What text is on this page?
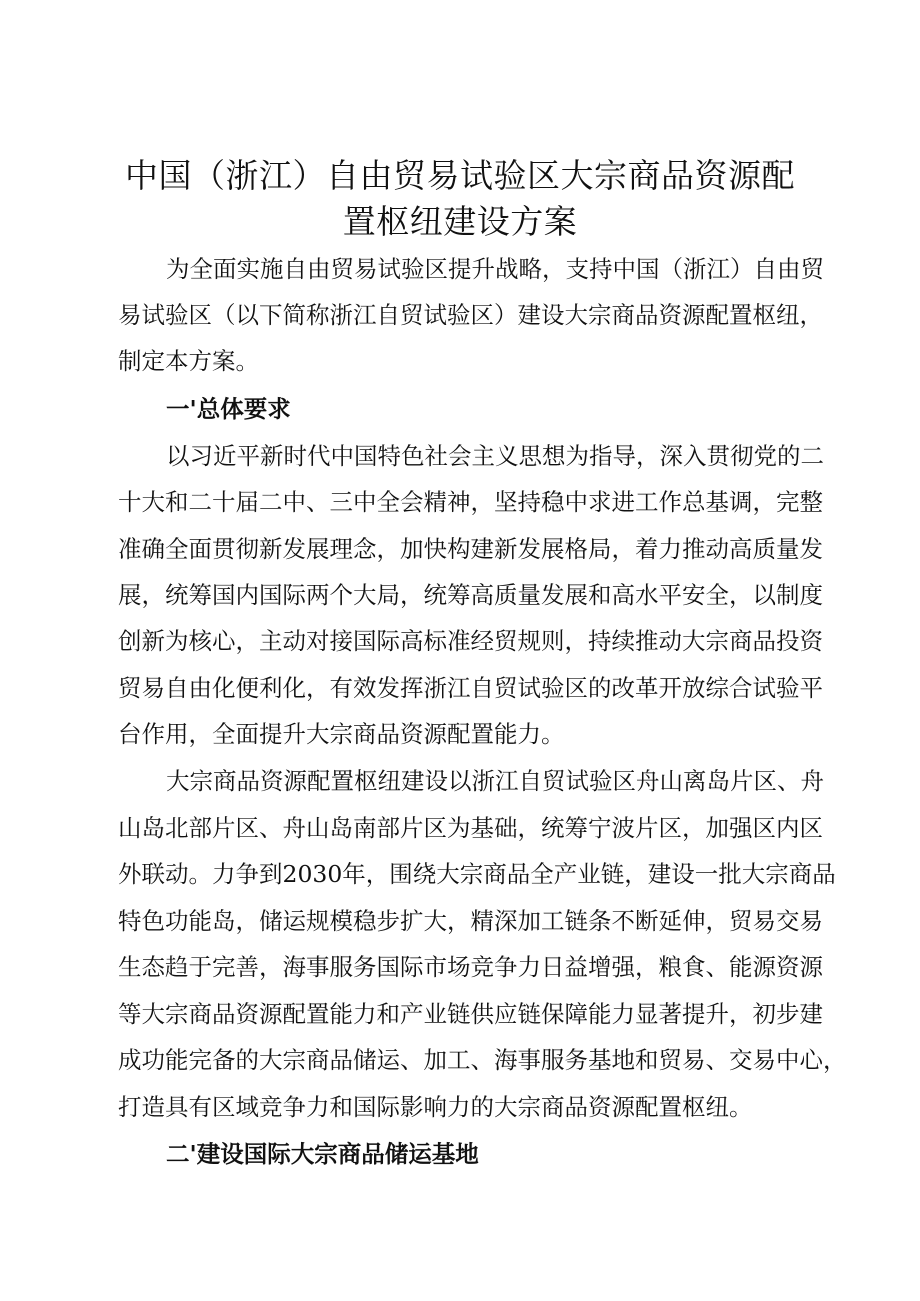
中国（浙江）自由贸易试验区大宗商品资源配
置枢纽建设方案

为全面实施自由贸易试验区提升战略，支持中国（浙江）自由贸

易试验区（以下简称浙江自贸试验区）建设大宗商品资源配置枢纽，

制定本方案。

一'总体要求

以习近平新时代中国特色社会主义思想为指导，深入贯彻党的二

十大和二十届二中、三中全会精神，坚持稳中求进工作总基调，完整

准确全面贯彻新发展理念，加快构建新发展格局，着力推动高质量发

展，统筹国内国际两个大局，统筹高质量发展和高水平安全，以制度

创新为核心，主动对接国际高标准经贸规则，持续推动大宗商品投资

贸易自由化便利化，有效发挥浙江自贸试验区的改革开放综合试验平

台作用，全面提升大宗商品资源配置能力。

大宗商品资源配置枢纽建设以浙江自贸试验区舟山离岛片区、舟

山岛北部片区、舟山岛南部片区为基础，统筹宁波片区，加强区内区

外联动。力争到2030年，围绕大宗商品全产业链，建设一批大宗商品

特色功能岛，储运规模稳步扩大，精深加工链条不断延伸，贸易交易

生态趋于完善，海事服务国际市场竞争力日益增强，粮食、能源资源

等大宗商品资源配置能力和产业链供应链保障能力显著提升，初步建

成功能完备的大宗商品储运、加工、海事服务基地和贸易、交易中心，

打造具有区域竞争力和国际影响力的大宗商品资源配置枢纽。

二'建设国际大宗商品储运基地
